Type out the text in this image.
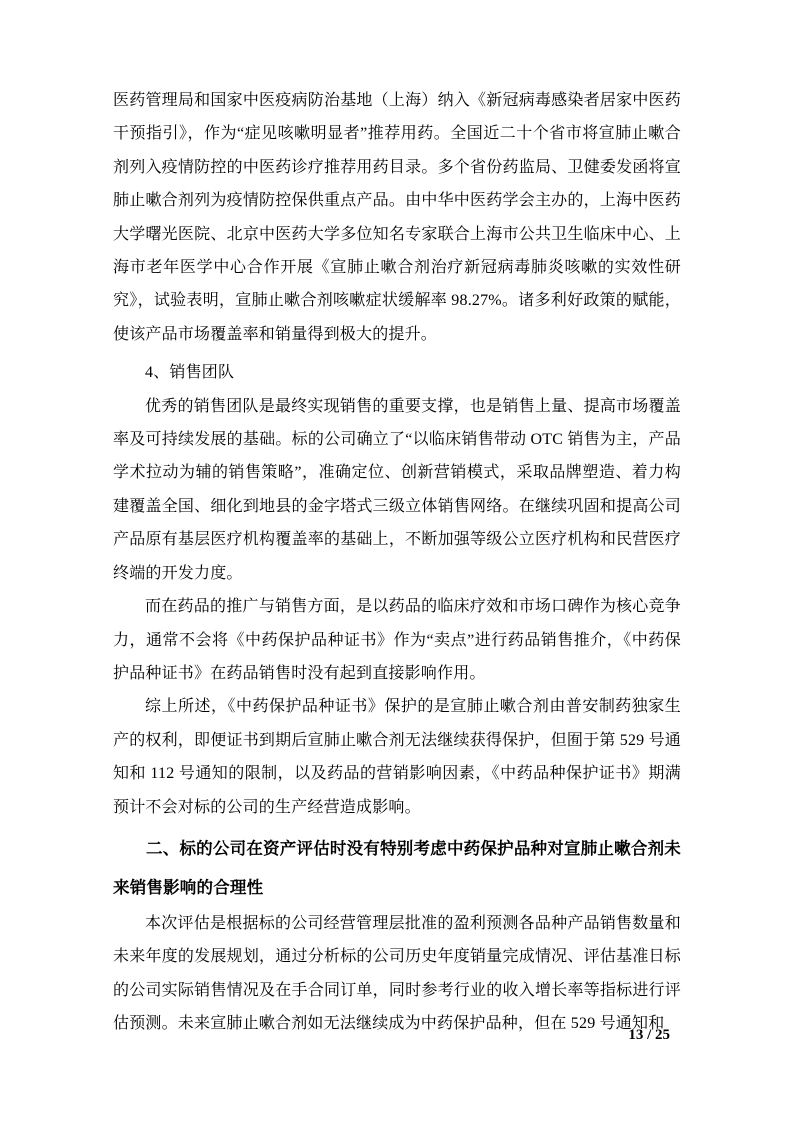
医药管理局和国家中医疫病防治基地（上海）纳入《新冠病毒感染者居家中医药干预指引》，作为“症见咳嗽明显者”推荐用药。全国近二十个省市将宣肺止嗽合剂列入疫情防控的中医药诊疗推荐用药目录。多个省份药监局、卫健委发函将宣肺止嗽合剂列为疫情防控保供重点产品。由中华中医药学会主办的，上海中医药大学曙光医院、北京中医药大学多位知名专家联合上海市公共卫生临床中心、上海市老年医学中心合作开展《宣肺止嗽合剂治疗新冠病毒肺炎咳嗽的实效性研究》，试验表明，宣肺止嗽合剂咳嗽症状缓解率 98.27%。诸多利好政策的赋能，使该产品市场覆盖率和销量得到极大的提升。

4、销售团队

优秀的销售团队是最终实现销售的重要支撑，也是销售上量、提高市场覆盖率及可持续发展的基础。标的公司确立了“以临床销售带动 OTC 销售为主，产品学术拉动为辅的销售策略”，准确定位、创新营销模式，采取品牌塑造、着力构建覆盖全国、细化到地县的金字塔式三级立体销售网络。在继续巩固和提高公司产品原有基层医疗机构覆盖率的基础上，不断加强等级公立医疗机构和民营医疗终端的开发力度。

而在药品的推广与销售方面，是以药品的临床疗效和市场口碑作为核心竞争力，通常不会将《中药保护品种证书》作为“卖点”进行药品销售推介，《中药保护品种证书》在药品销售时没有起到直接影响作用。

综上所述，《中药保护品种证书》保护的是宣肺止嗽合剂由普安制药独家生产的权利，即便证书到期后宣肺止嗽合剂无法继续获得保护，但囿于第 529 号通知和 112 号通知的限制，以及药品的营销影响因素，《中药品种保护证书》期满预计不会对标的公司的生产经营造成影响。

二、标的公司在资产评估时没有特别考虑中药保护品种对宣肺止嗽合剂未来销售影响的合理性

本次评估是根据标的公司经营管理层批准的盈利预测各品种产品销售数量和未来年度的发展规划，通过分析标的公司历史年度销量完成情况、评估基准日标的公司实际销售情况及在手合同订单，同时参考行业的收入增长率等指标进行评估预测。未来宣肺止嗽合剂如无法继续成为中药保护品种，但在 529 号通知和

13 / 25
